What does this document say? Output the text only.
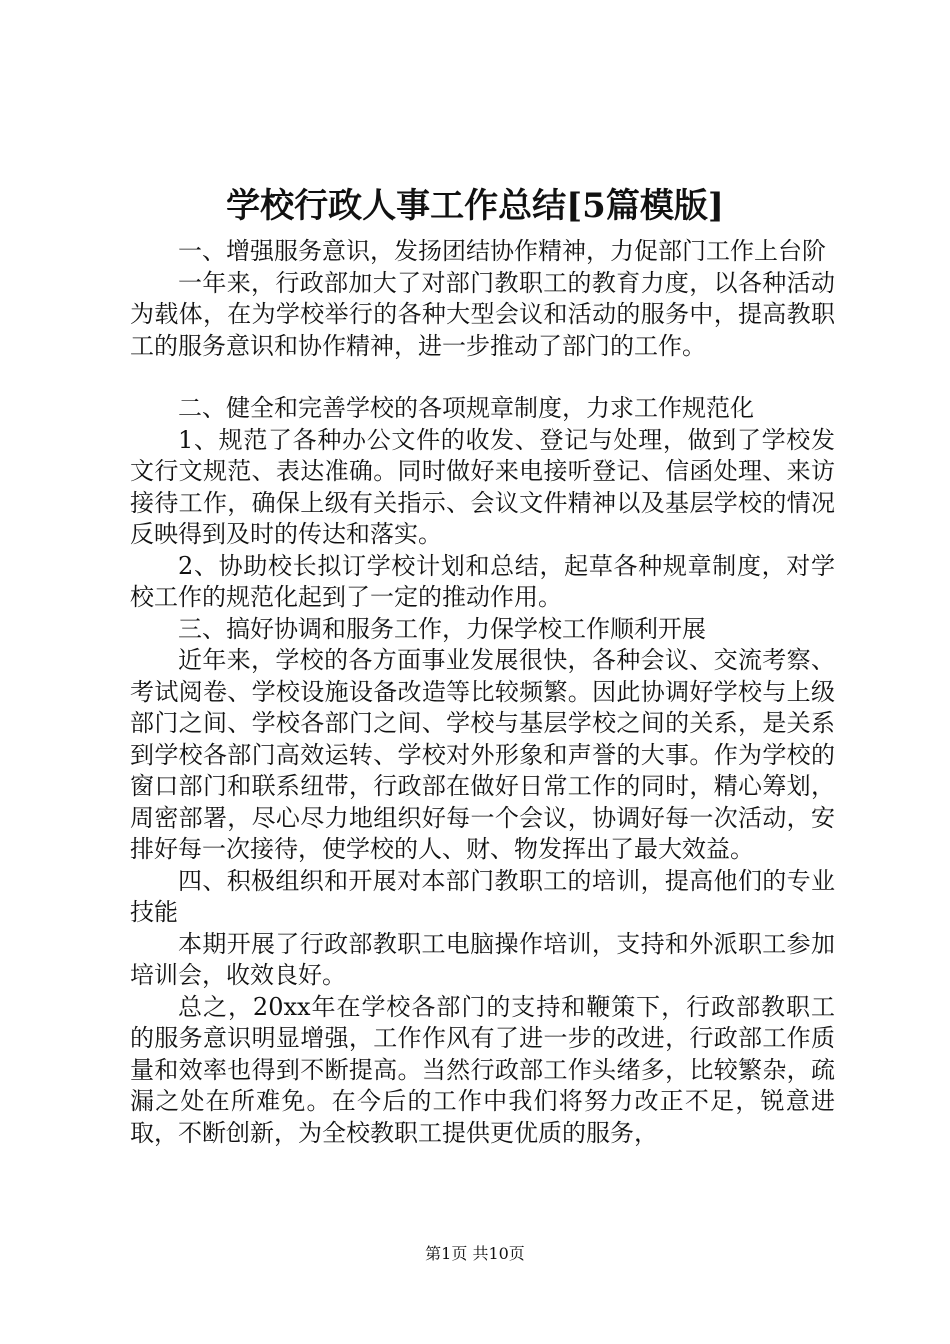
学校行政人事工作总结[5篇模版]

一、增强服务意识，发扬团结协作精神，力促部门工作上台阶

一年来，行政部加大了对部门教职工的教育力度，以各种活动为载体，在为学校举行的各种大型会议和活动的服务中，提高教职工的服务意识和协作精神，进一步推动了部门的工作。

二、健全和完善学校的各项规章制度，力求工作规范化

1、规范了各种办公文件的收发、登记与处理，做到了学校发文行文规范、表达准确。同时做好来电接听登记、信函处理、来访接待工作，确保上级有关指示、会议文件精神以及基层学校的情况反映得到及时的传达和落实。

2、协助校长拟订学校计划和总结，起草各种规章制度，对学校工作的规范化起到了一定的推动作用。

三、搞好协调和服务工作，力保学校工作顺利开展

近年来，学校的各方面事业发展很快，各种会议、交流考察、考试阅卷、学校设施设备改造等比较频繁。因此协调好学校与上级部门之间、学校各部门之间、学校与基层学校之间的关系，是关系到学校各部门高效运转、学校对外形象和声誉的大事。作为学校的窗口部门和联系纽带，行政部在做好日常工作的同时，精心筹划，周密部署，尽心尽力地组织好每一个会议，协调好每一次活动，安排好每一次接待，使学校的人、财、物发挥出了最大效益。

四、积极组织和开展对本部门教职工的培训，提高他们的专业技能

本期开展了行政部教职工电脑操作培训，支持和外派职工参加培训会，收效良好。

总之，20xx年在学校各部门的支持和鞭策下，行政部教职工的服务意识明显增强，工作作风有了进一步的改进，行政部工作质量和效率也得到不断提高。当然行政部工作头绪多，比较繁杂，疏漏之处在所难免。在今后的工作中我们将努力改正不足，锐意进取，不断创新，为全校教职工提供更优质的服务，

第1页 共10页
